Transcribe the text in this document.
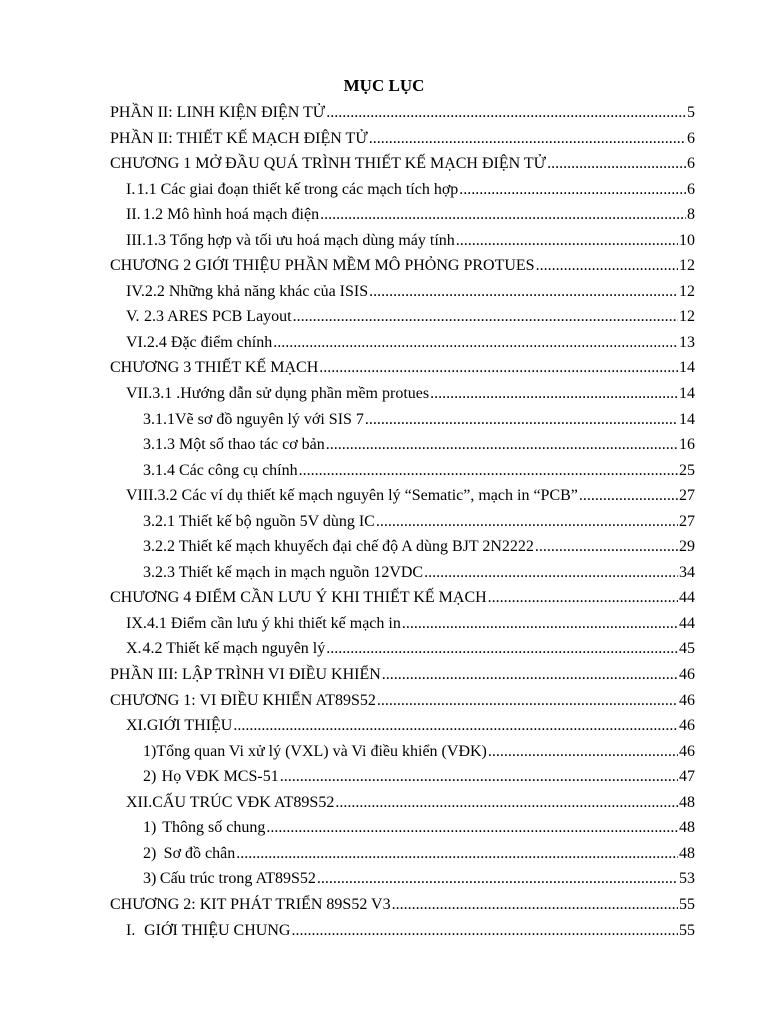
MỤC LỤC
PHẦN II: LINH KIỆN ĐIỆN TỬ .....	5
PHẦN II: THIẾT KẾ MẠCH ĐIỆN TỬ .....	6
CHƯƠNG 1 MỞ ĐẦU QUÁ TRÌNH THIẾT KẾ MẠCH ĐIỆN TỬ .....	6
I. 1.1 Các giai đoạn thiết kế trong các mạch tích hợp .....	6
II. 1.2 Mô hình hoá mạch điện .....	8
III. 1.3 Tổng hợp và tối ưu hoá mạch dùng máy tính .....	10
CHƯƠNG 2 GIỚI THIỆU PHẦN MỀM MÔ PHỎNG PROTUES .....	12
IV. 2.2 Những khả năng khác của ISIS .....	12
V. 2.3 ARES PCB Layout .....	12
VI. 2.4 Đặc điểm chính .....	13
CHƯƠNG 3 THIẾT KẾ MẠCH .....	14
VII. 3.1 .Hướng dẫn sử dụng phần mềm protues .....	14
3.1.1Vẽ sơ đồ nguyên lý với SIS 7 .....	14
3.1.3 Một số thao tác cơ bản .....	16
3.1.4 Các công cụ chính .....	25
VIII. 3.2 Các ví dụ thiết kế mạch nguyên lý “Sematic”, mạch in “PCB” .....	27
3.2.1 Thiết kế bộ nguồn 5V dùng IC .....	27
3.2.2 Thiết kế mạch khuyếch đại chế độ A dùng BJT 2N2222 .....	29
3.2.3 Thiết kế mạch in mạch nguồn 12VDC .....	34
CHƯƠNG 4 ĐIỂM CẦN LƯU Ý KHI THIẾT KẾ MẠCH .....	44
IX. 4.1 Điểm cần lưu ý khi thiết kế mạch in .....	44
X. 4.2 Thiết kế mạch nguyên lý .....	45
PHẦN III: LẬP TRÌNH VI ĐIỀU KHIỂN .....	46
CHƯƠNG 1: VI ĐIỀU KHIỂN AT89S52 .....	46
XI. GIỚI THIỆU .....	46
1) Tổng quan Vi xử lý (VXL) và Vi điều khiển (VĐK) .....	46
2) Họ VĐK MCS-51 .....	47
XII. CẤU TRÚC VĐK AT89S52 .....	48
1) Thông số chung .....	48
2) Sơ đồ chân .....	48
3) Cấu trúc trong AT89S52 .....	53
CHƯƠNG 2: KIT PHÁT TRIỂN 89S52 V3 .....	55
I. GIỚI THIỆU CHUNG .....	55
